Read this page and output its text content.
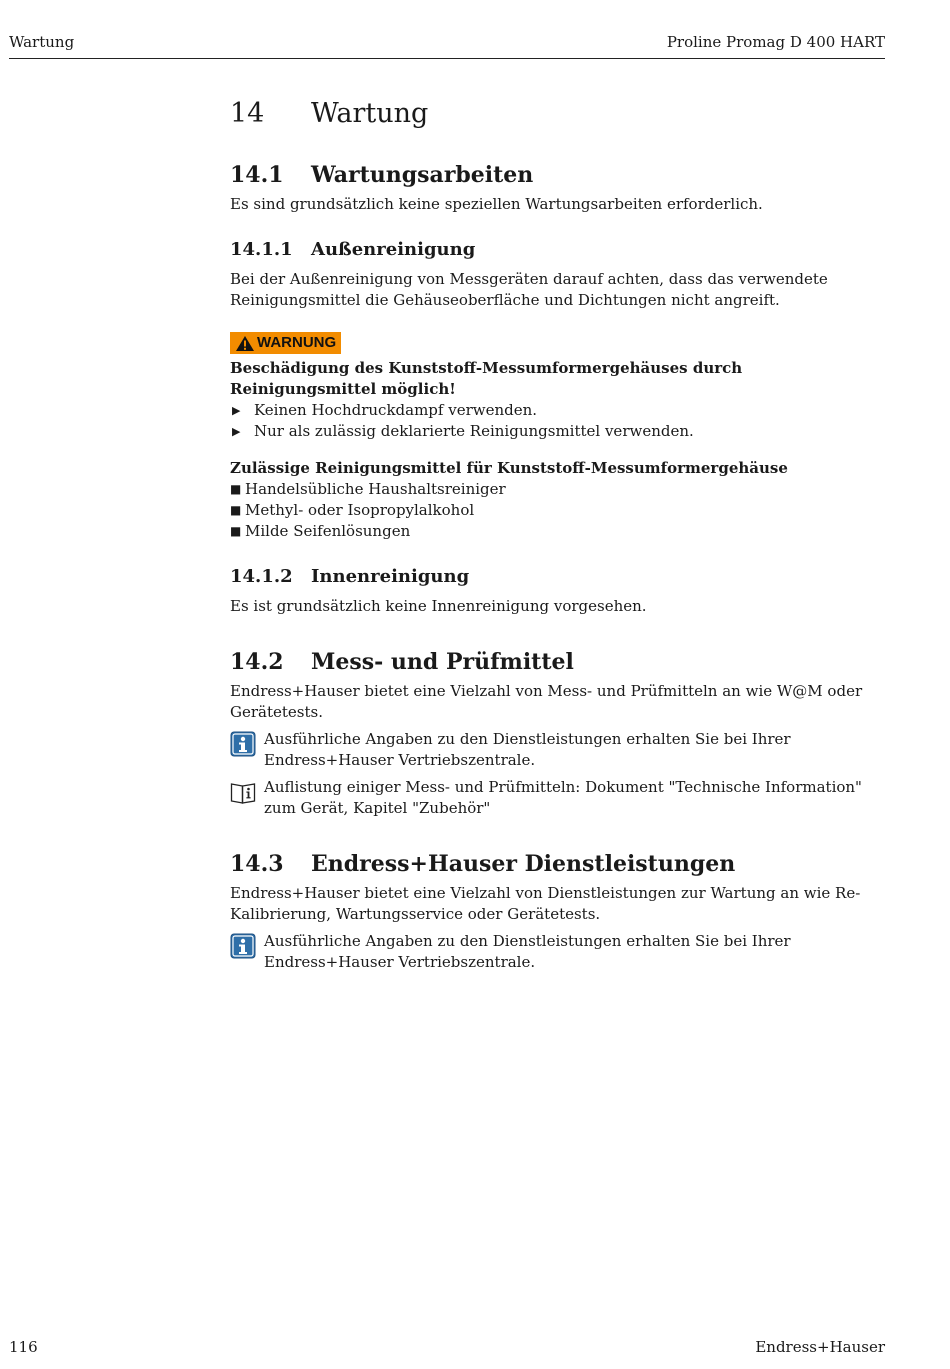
Wartung	Proline Promag D 400 HART
14	Wartung
14.1	Wartungsarbeiten

Es sind grundsätzlich keine speziellen Wartungsarbeiten erforderlich.

14.1.1	Außenreinigung

Bei der Außenreinigung von Messgeräten darauf achten, dass das verwendete Reinigungsmittel die Gehäuseoberfläche und Dichtungen nicht angreift.

WARNUNG

Beschädigung des Kunststoff-Messumformergehäuses durch Reinigungsmittel möglich!

▶ Keinen Hochdruckdampf verwenden.
▶ Nur als zulässig deklarierte Reinigungsmittel verwenden.

Zulässige Reinigungsmittel für Kunststoff-Messumformergehäuse

■ Handelsübliche Haushaltsreiniger
■ Methyl- oder Isopropylalkohol
■ Milde Seifenlösungen
14.1.2	Innenreinigung

Es ist grundsätzlich keine Innenreinigung vorgesehen.

14.2	Mess- und Prüfmittel

Endress+Hauser bietet eine Vielzahl von Mess- und Prüfmitteln an wie W@M oder Gerätetests.

Ausführliche Angaben zu den Dienstleistungen erhalten Sie bei Ihrer Endress+Hauser Vertriebszentrale.
Auflistung einiger Mess- und Prüfmitteln: Dokument "Technische Information" zum Gerät, Kapitel "Zubehör"
14.3	Endress+Hauser Dienstleistungen

Endress+Hauser bietet eine Vielzahl von Dienstleistungen zur Wartung an wie Re-Kalibrierung, Wartungsservice oder Gerätetests.

Ausführliche Angaben zu den Dienstleistungen erhalten Sie bei Ihrer Endress+Hauser Vertriebszentrale.
116	Endress+Hauser
